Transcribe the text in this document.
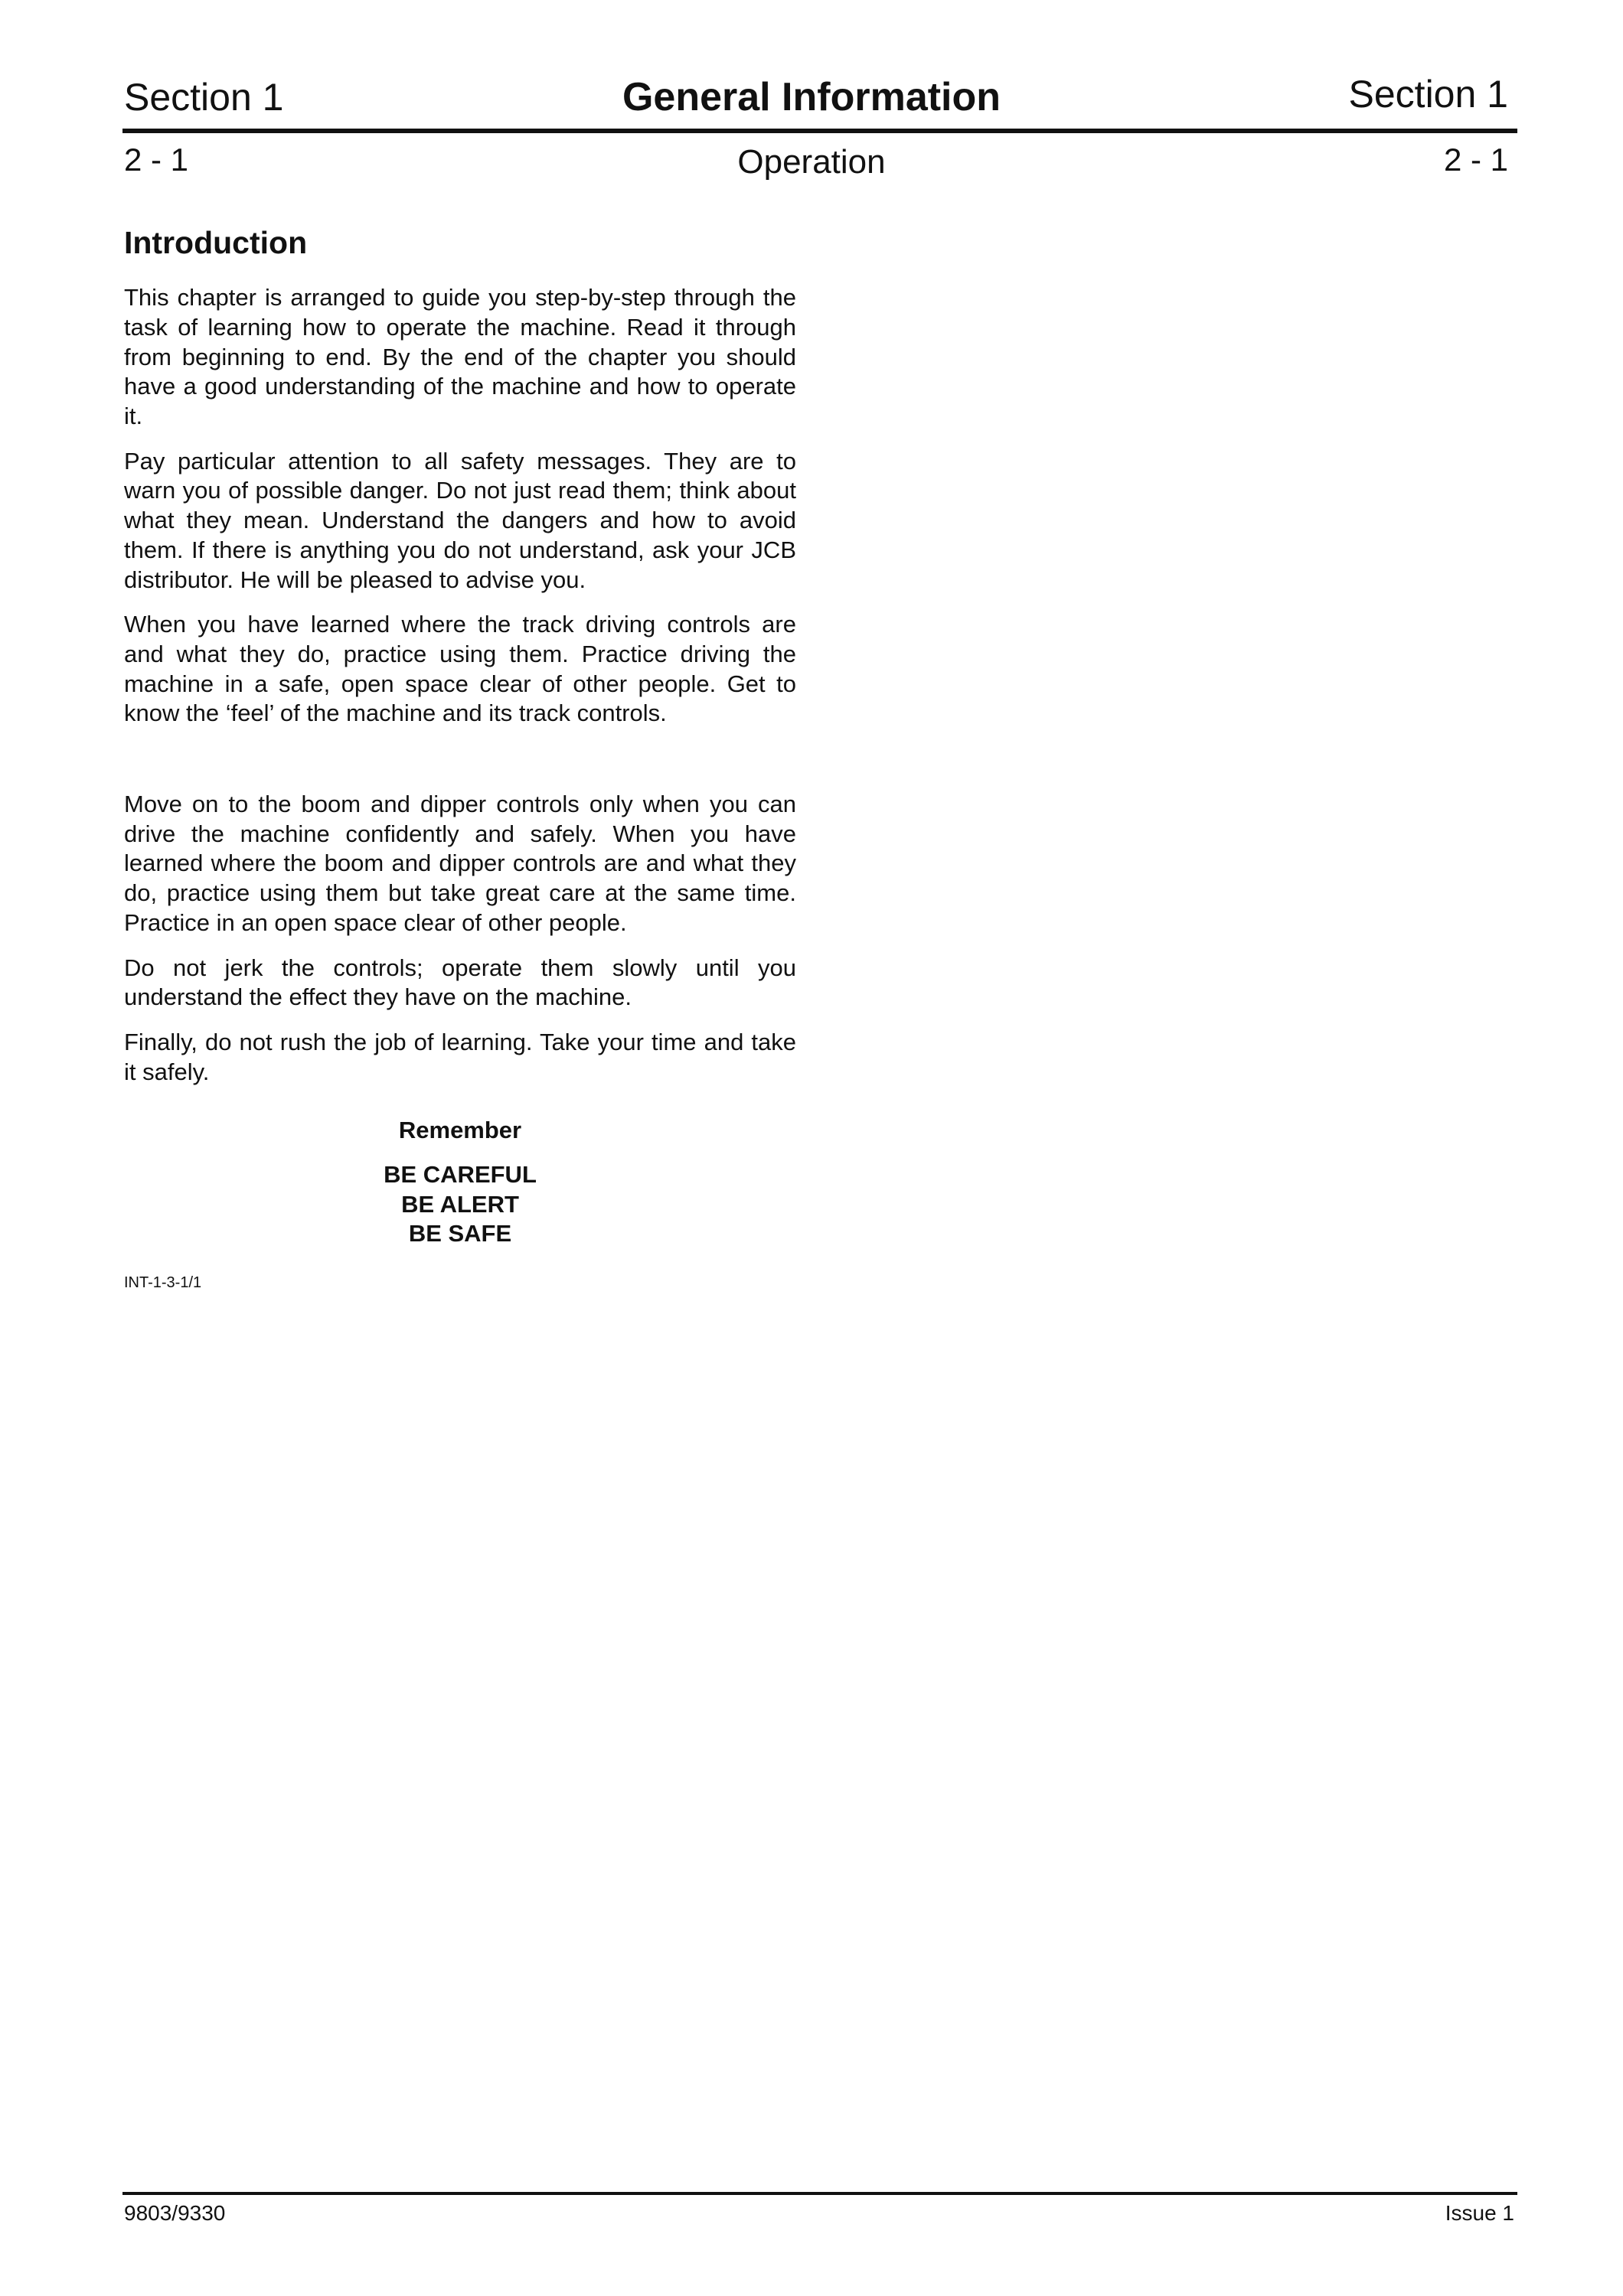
Section 1	General Information	Section 1
2 - 1	Operation	2 - 1
Introduction

This chapter is arranged to guide you step-by-step through the task of learning how to operate the machine. Read it through from beginning to end. By the end of the chapter you should have a good understanding of the machine and how to operate it.

Pay particular attention to all safety messages. They are to warn you of possible danger. Do not just read them; think about what they mean. Understand the dangers and how to avoid them. If there is anything you do not understand, ask your JCB distributor. He will be pleased to advise you.

When you have learned where the track driving controls are and what they do, practice using them. Practice driving the machine in a safe, open space clear of other people. Get to know the ‘feel’ of the machine and its track controls.

Move on to the boom and dipper controls only when you can drive the machine confidently and safely. When you have learned where the boom and dipper controls are and what they do, practice using them but take great care at the same time. Practice in an open space clear of other people.

Do not jerk the controls; operate them slowly until you understand the effect they have on the machine.

Finally, do not rush the job of learning. Take your time and take it safely.

Remember
BE CAREFUL
BE ALERT
BE SAFE
INT-1-3-1/1
9803/9330	Issue 1
